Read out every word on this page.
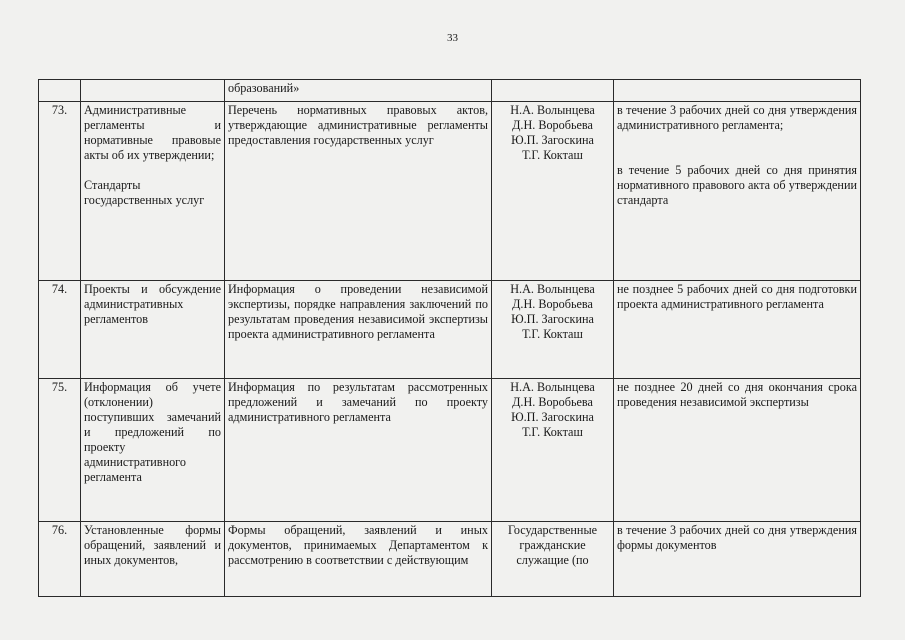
33
		образований»		
73.	Административные регламенты и нормативные правовые акты об их утверждении;
Стандарты государственных услуг	Перечень нормативных правовых актов, утверждающие административные регламенты предоставления государственных услуг	Н.А. Волынцева
Д.Н. Воробьева
Ю.П. Загоскина
Т.Г. Кокташ	в течение 3 рабочих дней со дня утверждения административного регламента;
в течение 5 рабочих дней со дня принятия нормативного правового акта об утверждении стандарта

74.	Проекты и обсуждение административных регламентов	Информация о проведении независимой экспертизы, порядке направления заключений по результатам проведения независимой экспертизы проекта административного регламента	Н.А. Волынцева
Д.Н. Воробьева
Ю.П. Загоскина
Т.Г. Кокташ	не позднее 5 рабочих дней со дня подготовки проекта административного регламента
75.	Информация об учете (отклонении) поступивших замечаний и предложений по проекту административного регламента	Информация по результатам рассмотренных предложений и замечаний по проекту административного регламента	Н.А. Волынцева
Д.Н. Воробьева
Ю.П. Загоскина
Т.Г. Кокташ	не позднее 20 дней со дня окончания срока проведения независимой экспертизы
76.	Установленные формы обращений, заявлений и иных документов,	Формы обращений, заявлений и иных документов, принимаемых Департаментом к рассмотрению в соответствии с действующим	Государственные гражданские служащие (по	в течение 3 рабочих дней со дня утверждения формы документов
